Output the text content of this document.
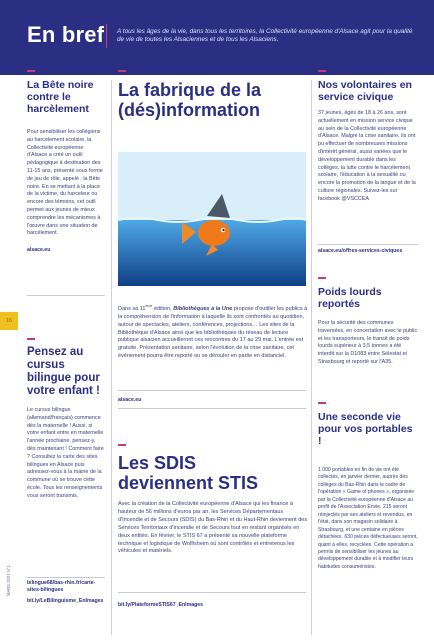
En bref A tous les âges de la vie, dans tous les territoires, la Collectivité européenne d'Alsace agit pour la qualité de vie de toutes les Alsaciennes et de tous les Alsaciens.
La Bête noire contre le harcèlement
Pour sensibiliser les collégiens au harcèlement scolaire, la Collectivité européenne d'Alsace a créé un outil pédagogique à destination des 11-15 ans, présenté sous forme de jeu de rôle, appelé : la Bête noire. En se mettant à la place de la victime, du harceleur ou encore des témoins, cet outil permet aux jeunes de mieux comprendre les mécanismes à l'œuvre dans une situation de harcèlement.
alsace.eu
16
Pensez au cursus bilingue pour votre enfant !
Le cursus bilingue (allemand/français) commence dès la maternelle ! Aussi, si votre enfant entre en maternelle l'année prochaine, pensez-y, dès maintenant ! Comment faire ? Consultez la carte des sites bilingues en Alsace puis adressez-vous à la mairie de la commune où se trouve cette école. Tous les renseignements vous seront transmis.
bilingue68/bas-rhin.fr/carte-sites-bilingues
bit.ly/LeBilinguisme_EnImages
MARS 2021 N°1
La fabrique de la
(dés)information
Dans sa 11ème édition, Bibliothèques à la Une propose d'outiller les publics à la compréhension de l'information à laquelle ils sont confrontés au quotidien, autour de spectacles, ateliers, conférences, projections… Les sites de la Bibliothèque d'Alsace ainsi que les bibliothèques du réseau de lecture publique alsacien accueilleront ces rencontres du 17 au 29 mai. L'entrée est gratuite. Présentation sanitaire, selon l'évolution de la crise sanitaire, cet événement pourra être reporté ou se dérouler en partie en distanciel.
alsace.eu
Les SDIS
deviennent STIS
Avec la création de la Collectivité européenne d'Alsace qui les finance à hauteur de 56 millions d'euros par an, les Services Départementaux d'Incendie et de Secours (SDIS) du Bas-Rhin et du Haut-Rhin deviennent des Services Territoriaux d'Incendie et de Secours tout en restant organisés en deux entités. En février, le STIS 67 a présenté sa nouvelle plateforme technique et logistique de Wolfisheim où sont contrôlés et entretenus les véhicules et matériels.
bit.ly/PlateformeSTIS67_EnImages
Nos volontaires en service civique
37 jeunes, âgés de 18 à 26 ans, sont actuellement en mission service civique au sein de la Collectivité européenne d'Alsace. Malgré la crise sanitaire, ils ont pu effectuer de nombreuses missions d'intérêt général, aussi variées que le développement durable dans les collèges, la lutte contre le harcèlement scolaire, l'éducation à la sexualité ou encore la promotion de la langue et de la culture régionales. Suivez-les sur facebook @VSCCEA
alsace.eu/offres-services-civiques
Poids lourds reportés
Pour la sécurité des communes traversées, en concertation avec le public et les transporteurs, le transit de poids lourds supérieur à 3,5 tonnes a été interdit sur la D1083 entre Sélestat et Strasbourg et reporté sur l'A35.
Une seconde vie pour vos portables !
1 000 portables en fin de vie ont été collectés, en janvier dernier, auprès des collèges du Bas-Rhin dans le cadre de l'opération « Game of phones », organisée par la Collectivité européenne d'Alsace au profit de l'Association Envie. 215 seront réinjectés par ses ateliers et revendus, en l'état, dans son magasin solidaire à Strasbourg, et une centaine en pièces détachées. 630 pièces défectueuses seront, quant à elles, recyclées. Cette opération a permis de sensibiliser les jeunes au développement durable et à modifier leurs habitudes consuméristes.
